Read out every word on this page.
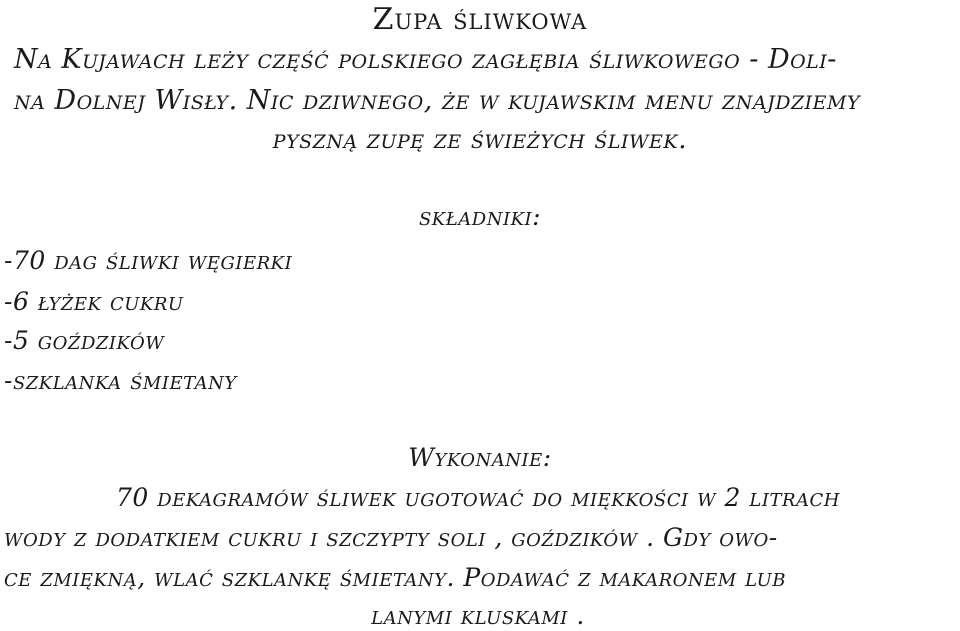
Zupa śliwkowa
Na Kujawach leży część polskiego zagłębia śliwkowego - Doli-
na Dolnej Wisły. Nic dziwnego, że w kujawskim menu znajdziemy
pyszną zupę ze świeżych śliwek.
składniki:
-70 dag śliwki węgierki
-6 łyżek cukru
-5 goździków
-szklanka śmietany
Wykonanie:
70 dekagramów śliwek ugotować do miękkości w 2 litrach
wody z dodatkiem cukru i szczypty soli , goździków . Gdy owo-
ce zmiękną, wlać szklankę śmietany. Podawać z makaronem lub
lanymi kluskami .
